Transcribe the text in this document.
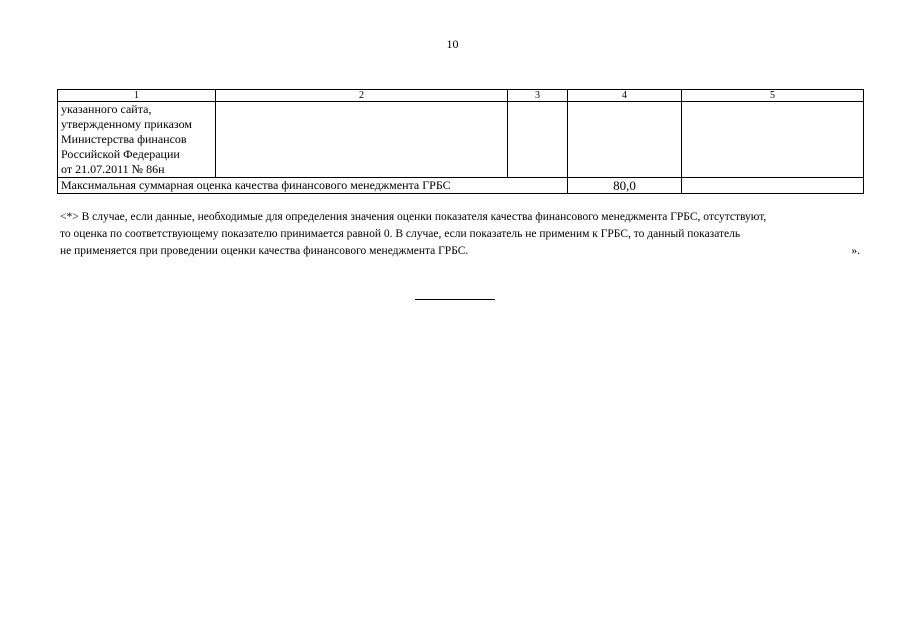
10
1	2	3	4	5

указанного сайта,
утвержденному приказом
Министерства финансов
Российской Федерации
от 21.07.2011 № 86н				

Максимальная суммарная оценка качества финансового менеджмента ГРБС			80,0	

<*> В случае, если данные, необходимые для определения значения оценки показателя качества финансового менеджмента ГРБС, отсутствуют,

то оценка по соответствующему показателю принимается равной 0. В случае, если показатель не применим к ГРБС, то данный показатель

не применяется при проведении оценки качества финансового менеджмента ГРБС.	».
